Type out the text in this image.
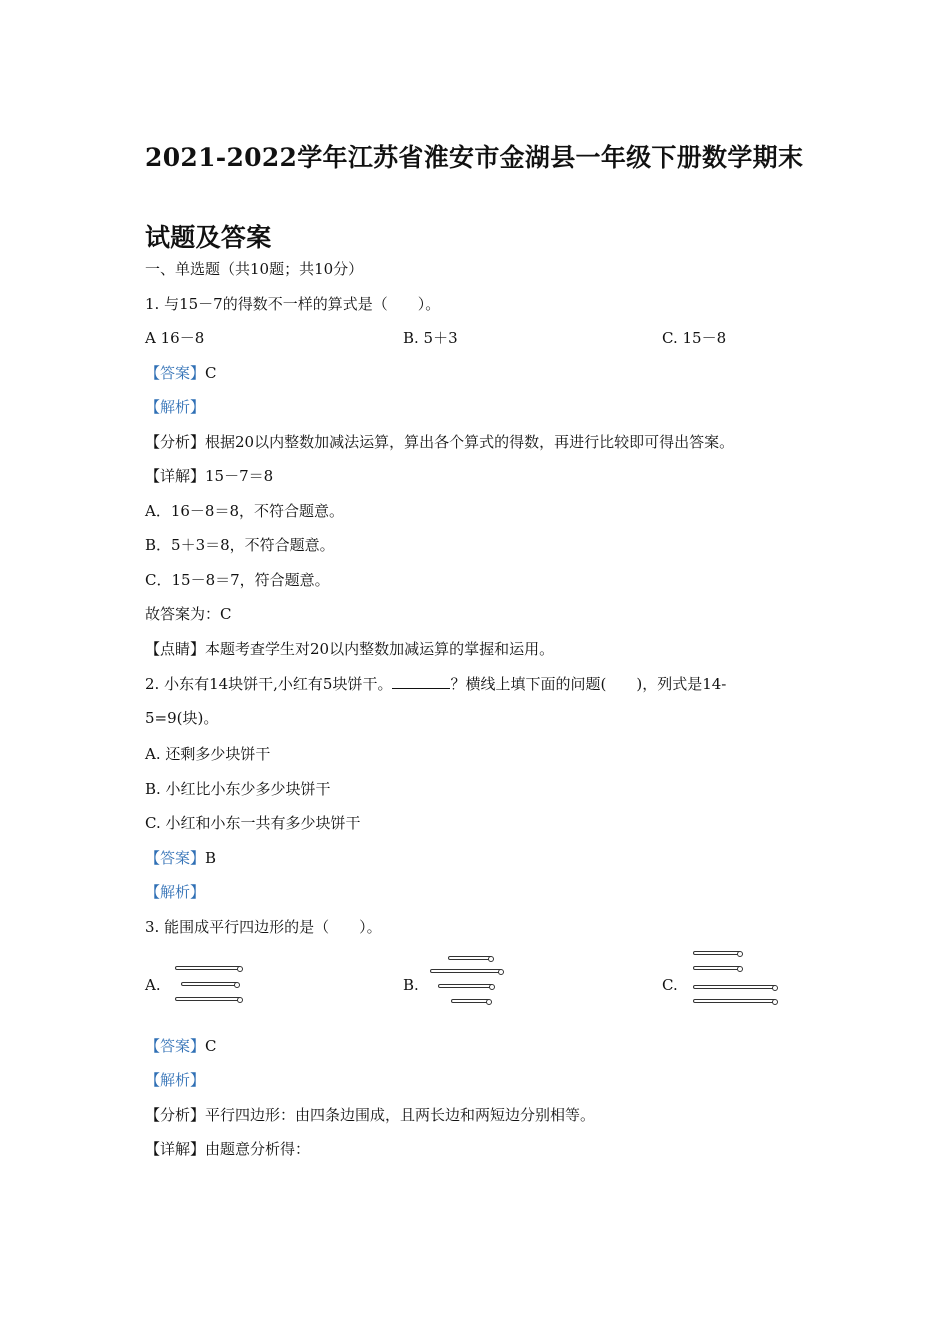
2021-2022学年江苏省淮安市金湖县一年级下册数学期末试题及答案
一、单选题（共10题；共10分）
1. 与15－7的得数不一样的算式是（　　）。
A 16－8	B. 5＋3	C. 15－8
【答案】C
【解析】
【分析】根据20以内整数加减法运算，算出各个算式的得数，再进行比较即可得出答案。
【详解】15－7＝8
A．16－8＝8，不符合题意。
B．5＋3＝8，不符合题意。
C．15－8＝7，符合题意。
故答案为：C
【点睛】本题考查学生对20以内整数加减运算的掌握和运用。
2. 小东有14块饼干,小红有5块饼干。	？横线上填下面的问题(　　)，列式是14-
5=9(块)。
A. 还剩多少块饼干
B. 小红比小东少多少块饼干
C. 小红和小东一共有多少块饼干
【答案】B
【解析】
3. 能围成平行四边形的是（　　）。
A.	B.	C.
【答案】C
【解析】
【分析】平行四边形：由四条边围成，且两长边和两短边分别相等。
【详解】由题意分析得：
